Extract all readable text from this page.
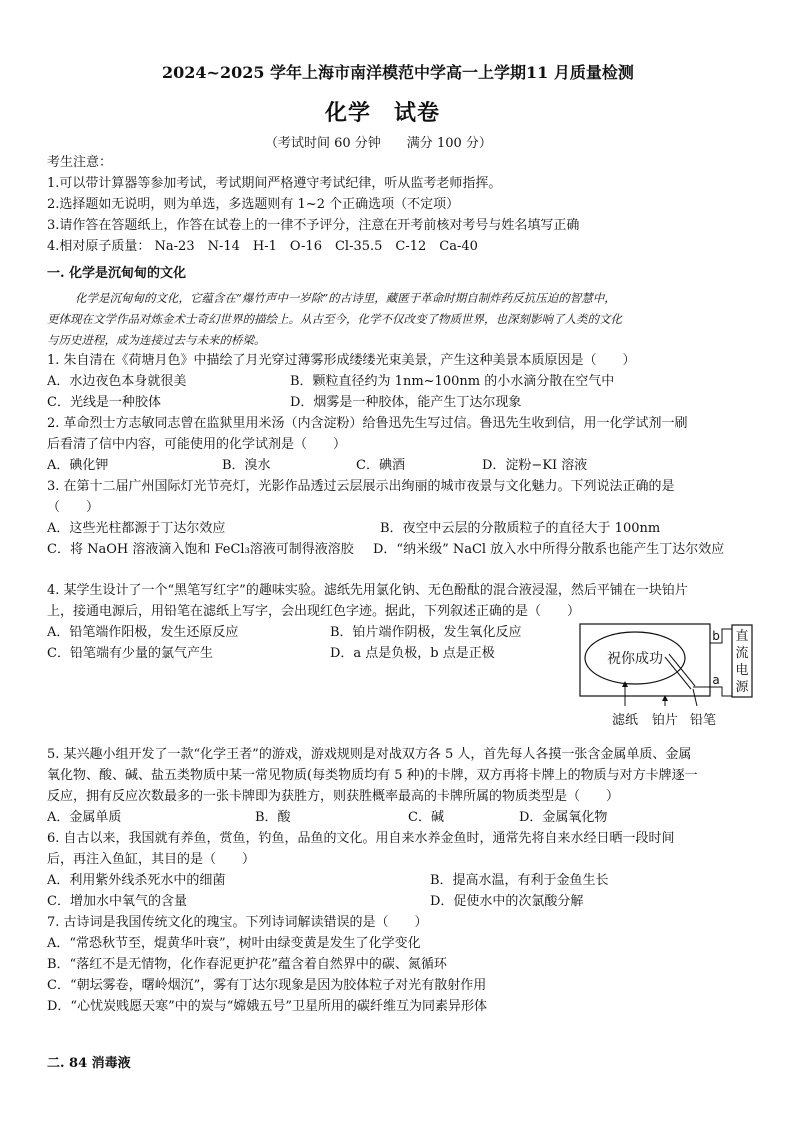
2024~2025 学年上海市南洋模范中学高一上学期11 月质量检测
化学　试卷
（考试时间 60 分钟　　满分 100 分）
考生注意：
1.可以带计算器等参加考试，考试期间严格遵守考试纪律，听从监考老师指挥。
2.选择题如无说明，则为单选，多选题则有 1~2 个正确选项（不定项）
3.请作答在答题纸上，作答在试卷上的一律不予评分，注意在开考前核对考号与姓名填写正确
4.相对原子质量： Na-23　N-14　H-1　O-16　Cl-35.5　C-12　Ca-40
一. 化学是沉甸甸的文化
化学是沉甸甸的文化，它蕴含在“爆竹声中一岁除”的古诗里，藏匿于革命时期自制炸药反抗压迫的智慧中，
更体现在文学作品对炼金术士奇幻世界的描绘上。从古至今，化学不仅改变了物质世界，也深刻影响了人类的文化
与历史进程，成为连接过去与未来的桥梁。
1. 朱自清在《荷塘月色》中描绘了月光穿过薄雾形成缕缕光束美景，产生这种美景本质原因是（　　）
A．水边夜色本身就很美	B．颗粒直径约为 1nm~100nm 的小水滴分散在空气中
C．光线是一种胶体	D．烟雾是一种胶体，能产生丁达尔现象
2. 革命烈士方志敏同志曾在监狱里用米汤（内含淀粉）给鲁迅先生写过信。鲁迅先生收到信，用一化学试剂一刷
后看清了信中内容，可能使用的化学试剂是（　　）
A．碘化钾	B．溴水	C．碘酒	D．淀粉−KI 溶液
3. 在第十二届广州国际灯光节亮灯，光影作品透过云层展示出绚丽的城市夜景与文化魅力。下列说法正确的是
（　　）
A．这些光柱都源于丁达尔效应	B．夜空中云层的分散质粒子的直径大于 100nm
C．将 NaOH 溶液滴入饱和 FeCl₃溶液可制得液溶胶 D．“纳米级” NaCl 放入水中所得分散系也能产生丁达尔效应
4. 某学生设计了一个“黑笔写红字”的趣味实验。滤纸先用氯化钠、无色酚酞的混合液浸湿，然后平铺在一块铂片
上，接通电源后，用铅笔在滤纸上写字，会出现红色字迹。据此，下列叙述正确的是（　　）
A．铅笔端作阳极，发生还原反应	B．铂片端作阴极，发生氧化反应
C．铅笔端有少量的氯气产生	D．a 点是负极，b 点是正极	祝你成功
b
a
直
流
电
源
滤纸 铂片 铅笔
5. 某兴趣小组开发了一款“化学王者”的游戏，游戏规则是对战双方各 5 人，首先每人各摸一张含金属单质、金属
氧化物、酸、碱、盐五类物质中某一常见物质(每类物质均有 5 种)的卡牌，双方再将卡牌上的物质与对方卡牌逐一
反应，拥有反应次数最多的一张卡牌即为获胜方，则获胜概率最高的卡牌所属的物质类型是（　　）
A．金属单质	B．酸	C．碱	D．金属氧化物
6. 自古以来，我国就有养鱼，赏鱼，钓鱼，品鱼的文化。用自来水养金鱼时，通常先将自来水经日晒一段时间
后，再注入鱼缸，其目的是（　　）
A．利用紫外线杀死水中的细菌	B．提高水温，有利于金鱼生长
C．增加水中氧气的含量	D．促使水中的次氯酸分解
7. 古诗词是我国传统文化的瑰宝。下列诗词解读错误的是（　　）
A．“常恐秋节至，焜黄华叶衰”，树叶由绿变黄是发生了化学变化
B．“落红不是无情物，化作春泥更护花”蕴含着自然界中的碳、氮循环
C．“朝坛雾卷，曙岭烟沉”，雾有丁达尔现象是因为胶体粒子对光有散射作用
D．“心忧炭贱愿天寒”中的炭与“嫦娥五号”卫星所用的碳纤维互为同素异形体
二. 84 消毒液
